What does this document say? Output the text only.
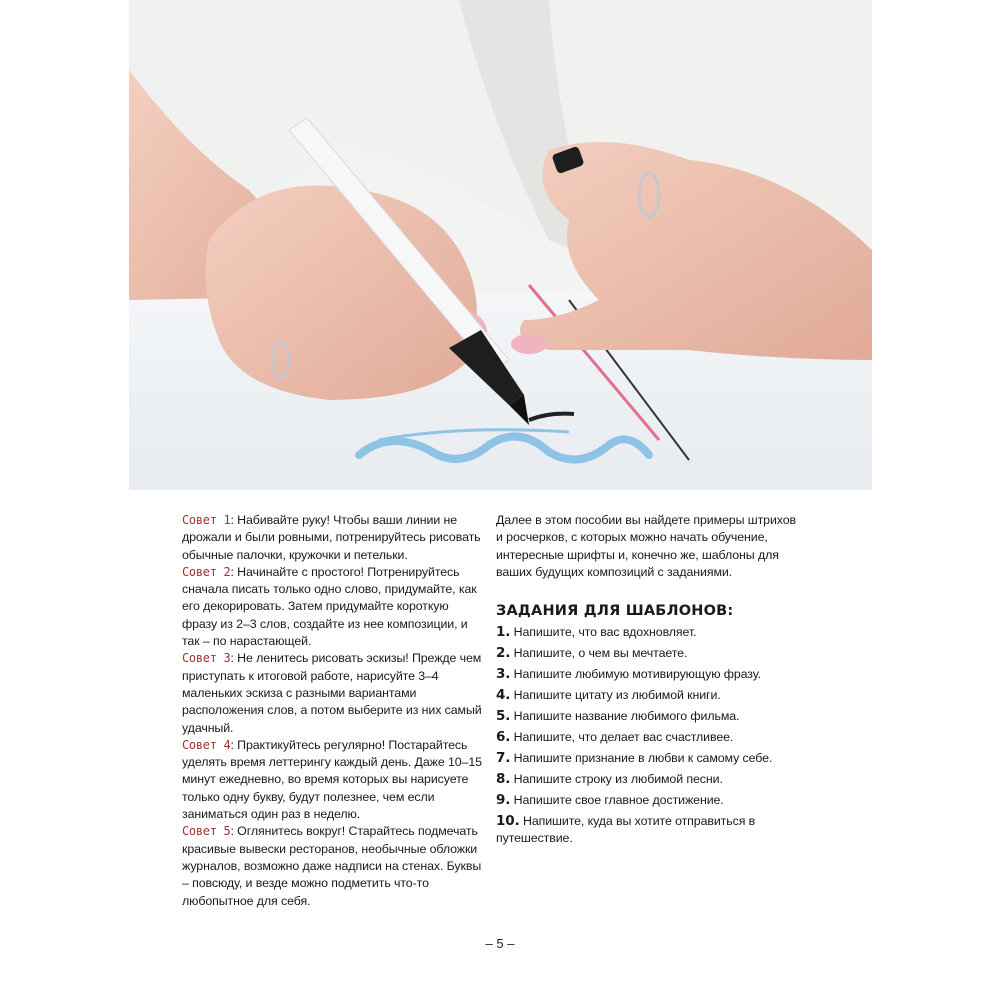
Совет 1: Набивайте руку! Чтобы ваши линии не дрожали и были ровными, потренируйтесь рисовать обычные палочки, кружочки и петельки.

Совет 2: Начинайте с простого! Потренируйтесь сначала писать только одно слово, придумайте, как его декорировать. Затем придумайте короткую фразу из 2–3 слов, создайте из нее композиции, и так – по нарастающей.

Совет 3: Не ленитесь рисовать эскизы! Прежде чем приступать к итоговой работе, нарисуйте 3–4 маленьких эскиза с разными вариантами расположения слов, а потом выберите из них самый удачный.

Совет 4: Практикуйтесь регулярно! Постарайтесь уделять время леттерингу каждый день. Даже 10–15 минут ежедневно, во время которых вы нарисуете только одну букву, будут полезнее, чем если заниматься один раз в неделю.

Совет 5: Оглянитесь вокруг! Старайтесь подмечать красивые вывески ресторанов, необычные обложки журналов, возможно даже надписи на стенах. Буквы – повсюду, и везде можно подметить что-то любопытное для себя.

Далее в этом пособии вы найдете примеры штрихов и росчерков, с которых можно начать обучение, интересные шрифты и, конечно же, шаблоны для ваших будущих композиций с заданиями.

ЗАДАНИЯ ДЛЯ ШАБЛОНОВ:

1. Напишите, что вас вдохновляет.

2. Напишите, о чем вы мечтаете.

3. Напишите любимую мотивирующую фразу.

4. Напишите цитату из любимой книги.

5. Напишите название любимого фильма.

6. Напишите, что делает вас счастливее.

7. Напишите признание в любви к самому себе.

8. Напишите строку из любимой песни.

9. Напишите свое главное достижение.

10. Напишите, куда вы хотите отправиться в путешествие.

– 5 –
